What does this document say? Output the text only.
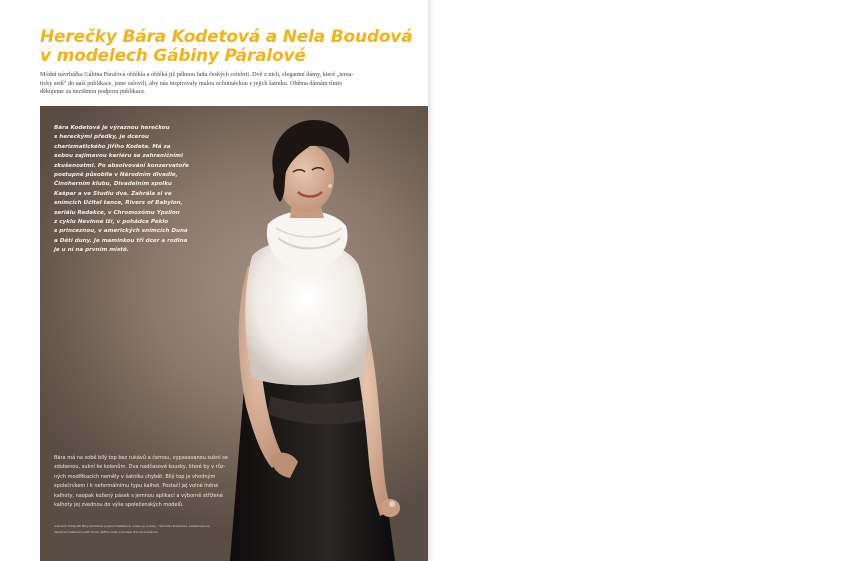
Herečky Bára Kodetová a Nela Boudová
v modelech Gábiny Páralové

Módní návrhářka Gábina Páralová oblékla a obléká již pěknou řadu českých celebrit. Dvě z nich, elegantní dámy, které „tema-
ticky sedí" do naší publikace, jsme oslovili, aby nás inspirovaly malou ochutnávkou z jejich šatníku. Oběma dámám tímto
děkujeme za nezištnou podporu publikace.

Bára Kodetová je výraznou herečkou
s hereckými předky, je dcerou
charizmatického Jiřího Kodeta. Má za
sebou zajímavou kariéru se zahraničními
zkušenostmi. Po absolvování konzervatoře
postupně působila v Národním divadle,
Činoherním klubu, Divadelním spolku
Kašpar a ve Studiu dva. Zahrála si ve
snímcích Učitel tance, Rivers of Babylon,
seriálu Redakce, v Chromozómu Ypsilon
z cyklu Nevinné lži, v pohádce Peklo
s princeznou, v amerických snímcích Duna
a Děti duny. Je maminkou tří dcer a rodina
je u ní na prvním místě.

Bára má na sobě bílý top bez rukávů a černou, vypasovanou sukni se
zdobenou, sukní ke kolenům. Dva nadčasové kousky, které by v růz-
ných modifikacích neměly v šatníku chybět. Bílý top je vhodným
společníkem i k neformálnímu typu kalhot. Postačí jej volné lněné
kalhoty, naopak kožený pásek s jemnou aplikací a výborně střižené
kalhoty jej zvednou do výše společenských modelů.

Autorkou fotografií Báry Kodetové je Jarka Halašková, make-up a vlasy – Veronika Kneidlová, poděkování za
zapůjčení materiálu patří Pröch Saffron baťa a modelu Hanně Kubešové.
